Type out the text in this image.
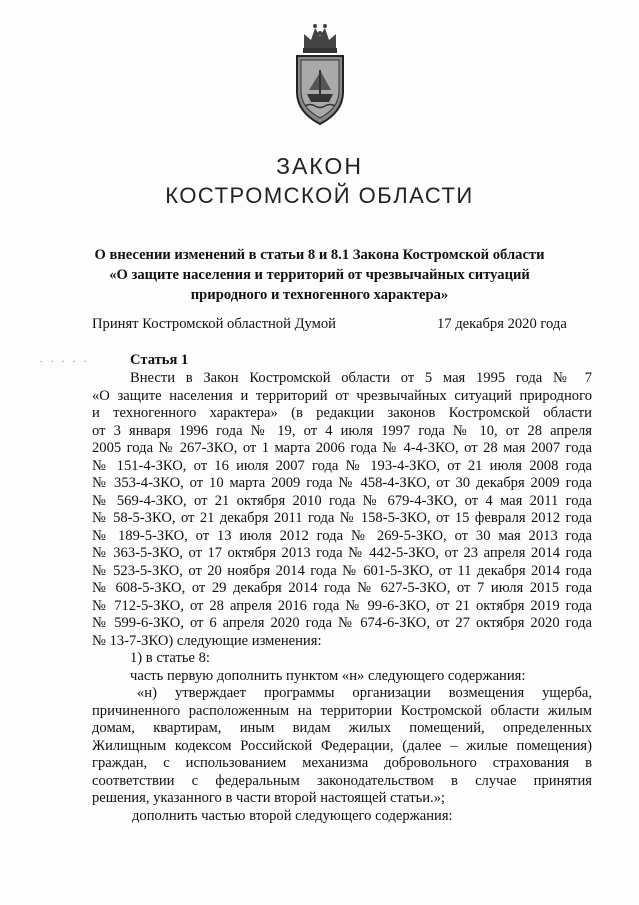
ЗАКОН
КОСТРОМСКОЙ ОБЛАСТИ
О внесении изменений в статьи 8 и 8.1 Закона Костромской области
«О защите населения и территорий от чрезвычайных ситуаций
природного и техногенного характера»
Принят Костромской областной Думой	17 декабря 2020 года
. . . . .	Статья 1
Внести в Закон Костромской области от 5 мая 1995 года № 7
«О защите населения и территорий от чрезвычайных ситуаций природного
и техногенного характера» (в редакции законов Костромской области
от 3 января 1996 года № 19, от 4 июля 1997 года № 10, от 28 апреля
2005 года № 267-ЗКО, от 1 марта 2006 года № 4-4-ЗКО, от 28 мая 2007 года
№ 151-4-ЗКО, от 16 июля 2007 года № 193-4-ЗКО, от 21 июля 2008 года
№ 353-4-ЗКО, от 10 марта 2009 года № 458-4-ЗКО, от 30 декабря 2009 года
№ 569-4-ЗКО, от 21 октября 2010 года № 679-4-ЗКО, от 4 мая 2011 года
№ 58-5-ЗКО, от 21 декабря 2011 года № 158-5-ЗКО, от 15 февраля 2012 года
№ 189-5-ЗКО, от 13 июля 2012 года № 269-5-ЗКО, от 30 мая 2013 года
№ 363-5-ЗКО, от 17 октября 2013 года № 442-5-ЗКО, от 23 апреля 2014 года
№ 523-5-ЗКО, от 20 ноября 2014 года № 601-5-ЗКО, от 11 декабря 2014 года
№ 608-5-ЗКО, от 29 декабря 2014 года № 627-5-ЗКО, от 7 июля 2015 года
№ 712-5-ЗКО, от 28 апреля 2016 года № 99-6-ЗКО, от 21 октября 2019 года
№ 599-6-ЗКО, от 6 апреля 2020 года № 674-6-ЗКО, от 27 октября 2020 года
№ 13-7-ЗКО) следующие изменения:
1) в статье 8:
часть первую дополнить пунктом «н» следующего содержания:
«н) утверждает программы организации возмещения ущерба,
причиненного расположенным на территории Костромской области жилым
домам, квартирам, иным видам жилых помещений, определенных
Жилищным кодексом Российской Федерации, (далее – жилые помещения)
граждан, с использованием механизма добровольного страхования в
соответствии с федеральным законодательством в случае принятия
решения, указанного в части второй настоящей статьи.»;
дополнить частью второй следующего содержания:
